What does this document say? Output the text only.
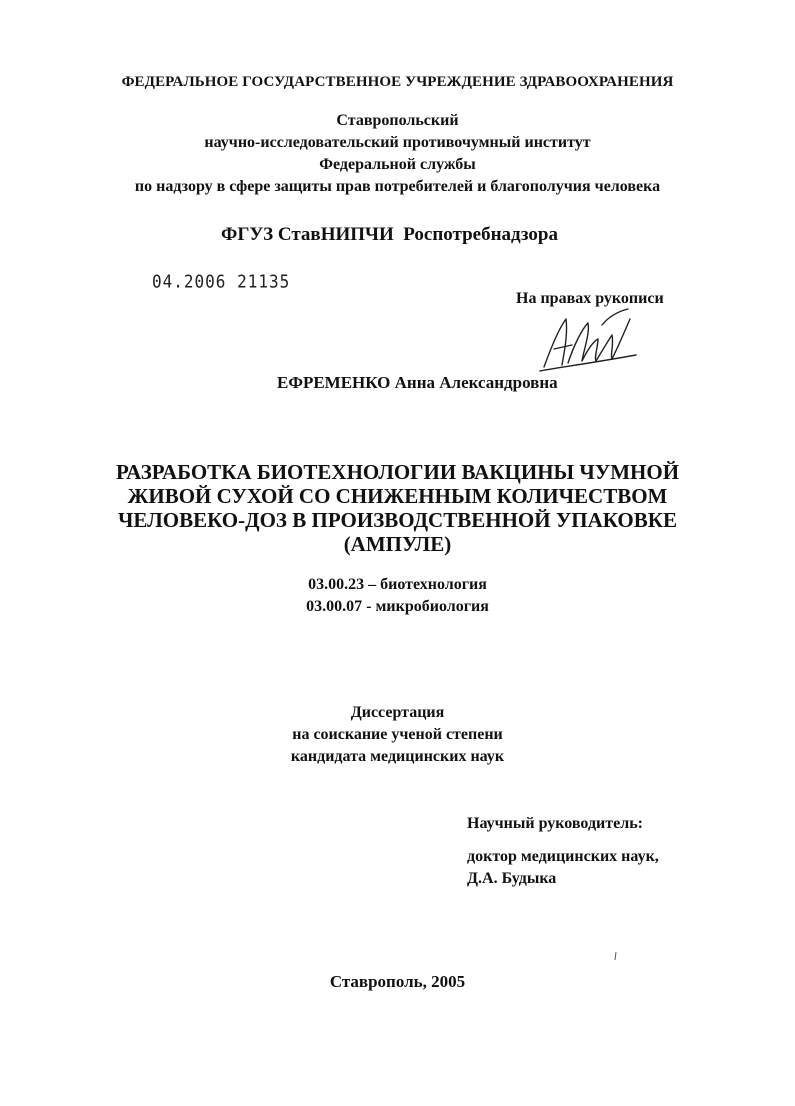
ФЕДЕРАЛЬНОЕ ГОСУДАРСТВЕННОЕ УЧРЕЖДЕНИЕ ЗДРАВООХРАНЕНИЯ
Ставропольский
научно-исследовательский противочумный институт
Федеральной службы
по надзору в сфере защиты прав потребителей и благополучия человека
ФГУЗ СтавНИПЧИ  Роспотребнадзора
04.2006 21135
На правах рукописи
ЕФРЕМЕНКО Анна Александровна
РАЗРАБОТКА БИОТЕХНОЛОГИИ ВАКЦИНЫ ЧУМНОЙ
ЖИВОЙ СУХОЙ СО СНИЖЕННЫМ КОЛИЧЕСТВОМ
ЧЕЛОВЕКО-ДОЗ В ПРОИЗВОДСТВЕННОЙ УПАКОВКЕ
(АМПУЛЕ)
03.00.23 – биотехнология
03.00.07 - микробиология
Диссертация
на соискание ученой степени
кандидата медицинских наук
Научный руководитель:
доктор медицинских наук,
Д.А. Будыка
Ставрополь, 2005
